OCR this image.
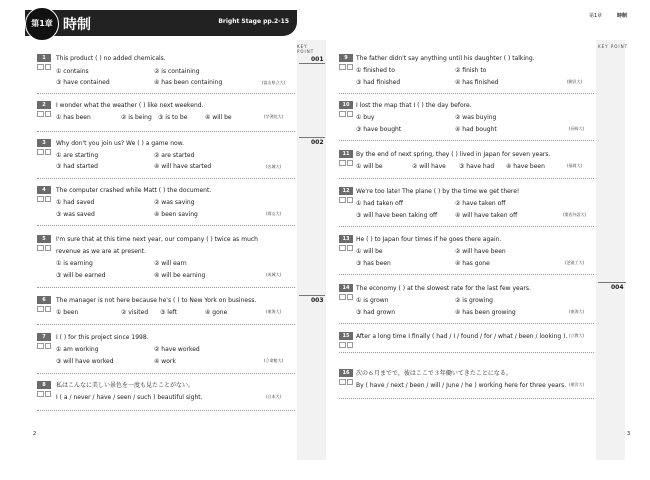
第1章 時制	Bright Stage pp.2-15
KEY POINT
001
002
003
1	This product ( ) no added chemicals.
① contains	② is containing
③ have contained	④ has been containing	(富山県立大)
2	I wonder what the weather ( ) like next weekend.
① has been	② is being ③ is to be	④ will be	(学習院大)
3	Why don't you join us? We ( ) a game now.
① are starting	② are started
③ had started	④ will have started	(名城大)
4	The computer crashed while Matt ( ) the document.
① had saved	② was saving
③ was saved	④ been saving	(岡山大)
5	I'm sure that at this time next year, our company ( ) twice as much
revenue as we are at present.
① is earning	② will earn
③ will be earned	④ will be earning	(成城大)
6	The manager is not here because he's ( ) to New York on business.
① been	② visited ③ left	④ gone	(東海大)
7	I ( ) for this project since 1998.
① am working	② have worked
③ will have worked	④ work	(立命館大)
8	私はこんなに美しい景色を一度も見たことがない。
I ( a / never / have / seen / such ) beautiful sight.	(日本大)
2
第1章	時制
KEY POINT
004
9	The father didn't say anything until his daughter ( ) talking.
① finished to	② finish to
③ had finished	④ has finished	(駒沢大)
10	I lost the map that I ( ) the day before.
① buy	② was buying
③ have bought	④ had bought	(長崎大)
11	By the end of next spring, they ( ) lived in Japan for seven years.
① will be	② will have ③ have had ④ have been	(福岡大)
12	We're too late! The plane ( ) by the time we get there!
① had taken off	② have taken off
③ will have been taking off	④ will have taken off	(関西外語大)
13	He ( ) to Japan four times if he goes there again.
① will be	② will have been
③ has been	④ has gone	(芝浦工大)
14	The economy ( ) at the slowest rate for the last few years.
① is grown	② is growing
③ had grown	④ has been growing	(東海大)
15	After a long time I finally ( had / I / found / for / what / been / looking ). (立教大)
16	次の６月までで，彼はここで３年働いてきたことになる。
By ( have / next / been / will / June / he ) working here for three years. (東洋大)
3
